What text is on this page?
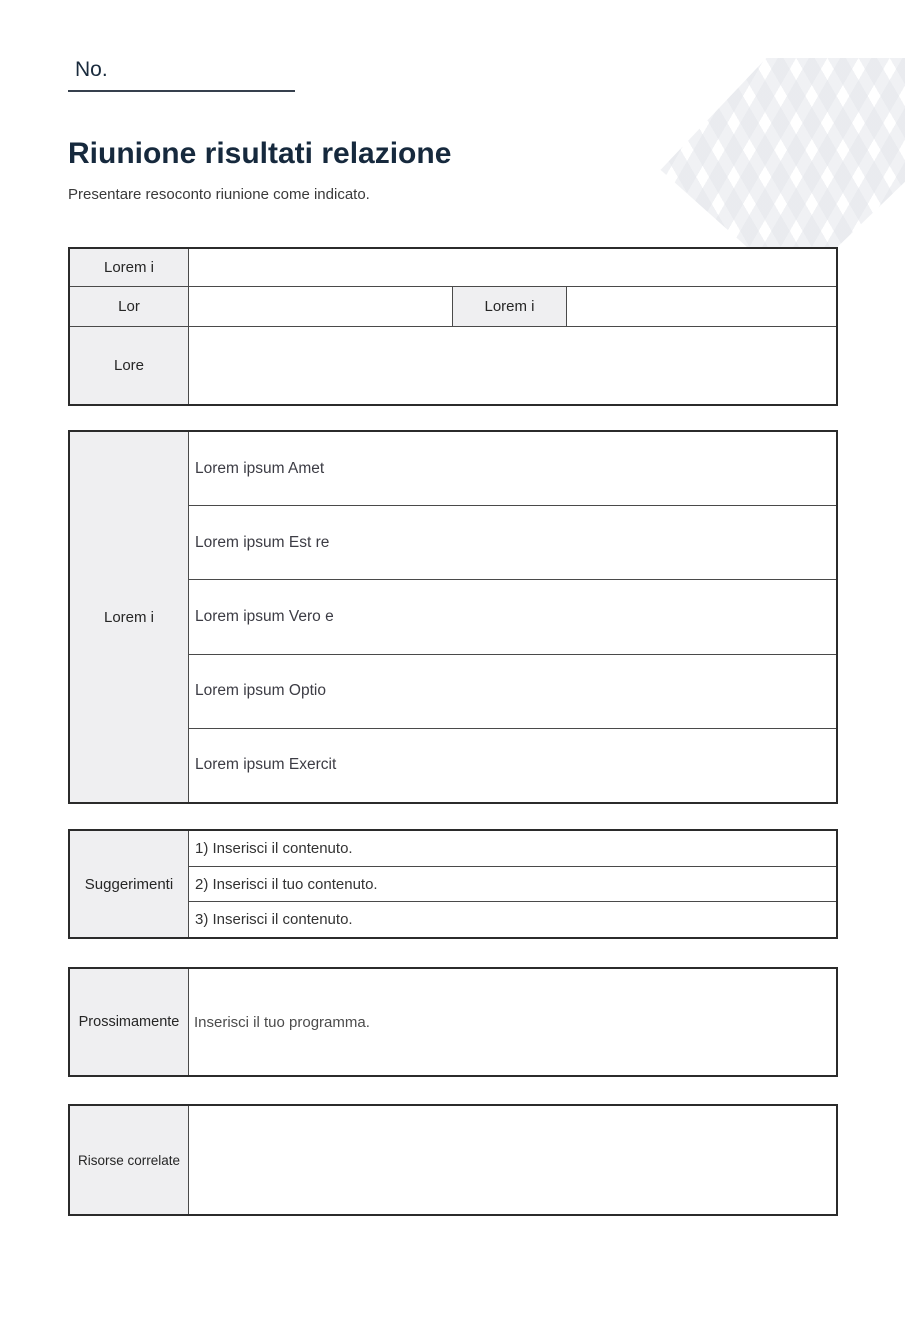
No.
Riunione risultati relazione

Presentare resoconto riunione come indicato.

Lorem i
Lor	Lorem i
Lore
Lorem i
Lorem ipsum Amet
Lorem ipsum Est re
Lorem ipsum Vero e
Lorem ipsum Optio
Lorem ipsum Exercit
Suggerimenti
1) Inserisci il contenuto.
2) Inserisci il tuo contenuto.
3) Inserisci il contenuto.
Prossimamente Inserisci il tuo programma.
Risorse correlate
